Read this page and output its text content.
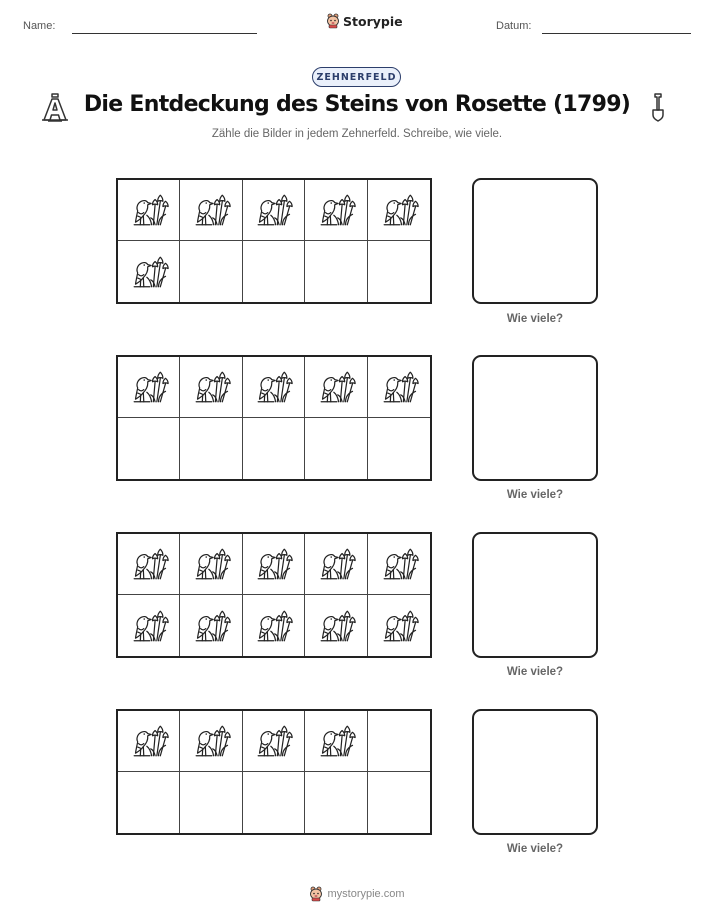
Name:	Storypie	Datum:
ZEHNERFELD
Die Entdeckung des Steins von Rosette (1799)
Zähle die Bilder in jedem Zehnerfeld. Schreibe, wie viele.
Wie viele?
Wie viele?
Wie viele?
Wie viele?
mystorypie.com
